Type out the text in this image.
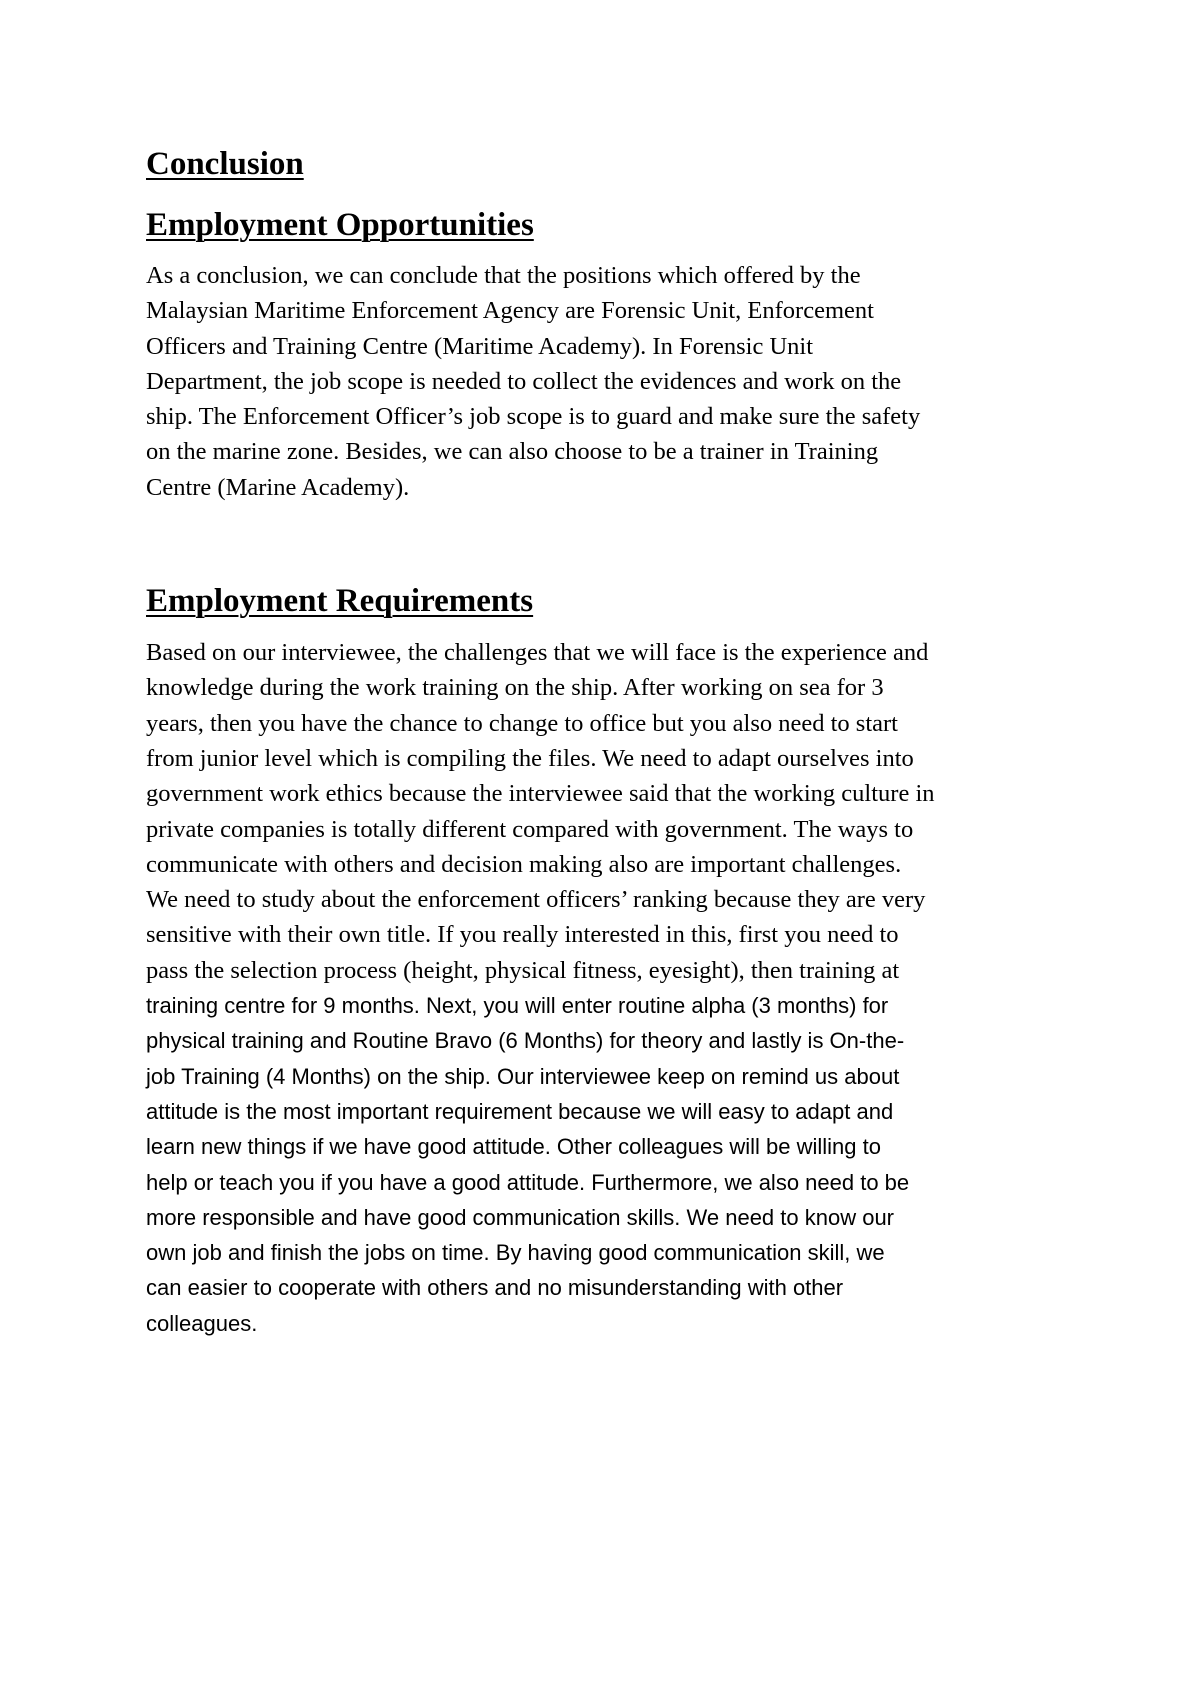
Conclusion
Employment Opportunities

As a conclusion, we can conclude that the positions which offered by the
Malaysian Maritime Enforcement Agency are Forensic Unit, Enforcement
Officers and Training Centre (Maritime Academy). In Forensic Unit
Department, the job scope is needed to collect the evidences and work on the
ship. The Enforcement Officer’s job scope is to guard and make sure the safety
on the marine zone. Besides, we can also choose to be a trainer in Training
Centre (Marine Academy).

Employment Requirements

Based on our interviewee, the challenges that we will face is the experience and
knowledge during the work training on the ship. After working on sea for 3
years, then you have the chance to change to office but you also need to start
from junior level which is compiling the files. We need to adapt ourselves into
government work ethics because the interviewee said that the working culture in
private companies is totally different compared with government. The ways to
communicate with others and decision making also are important challenges.
We need to study about the enforcement officers’ ranking because they are very
sensitive with their own title. If you really interested in this, first you need to
pass the selection process (height, physical fitness, eyesight), then training at
training centre for 9 months. Next, you will enter routine alpha (3 months) for
physical training and Routine Bravo (6 Months) for theory and lastly is On-the-
job Training (4 Months) on the ship. Our interviewee keep on remind us about
attitude is the most important requirement because we will easy to adapt and
learn new things if we have good attitude. Other colleagues will be willing to
help or teach you if you have a good attitude. Furthermore, we also need to be
more responsible and have good communication skills. We need to know our
own job and finish the jobs on time. By having good communication skill, we
can easier to cooperate with others and no misunderstanding with other
colleagues.
